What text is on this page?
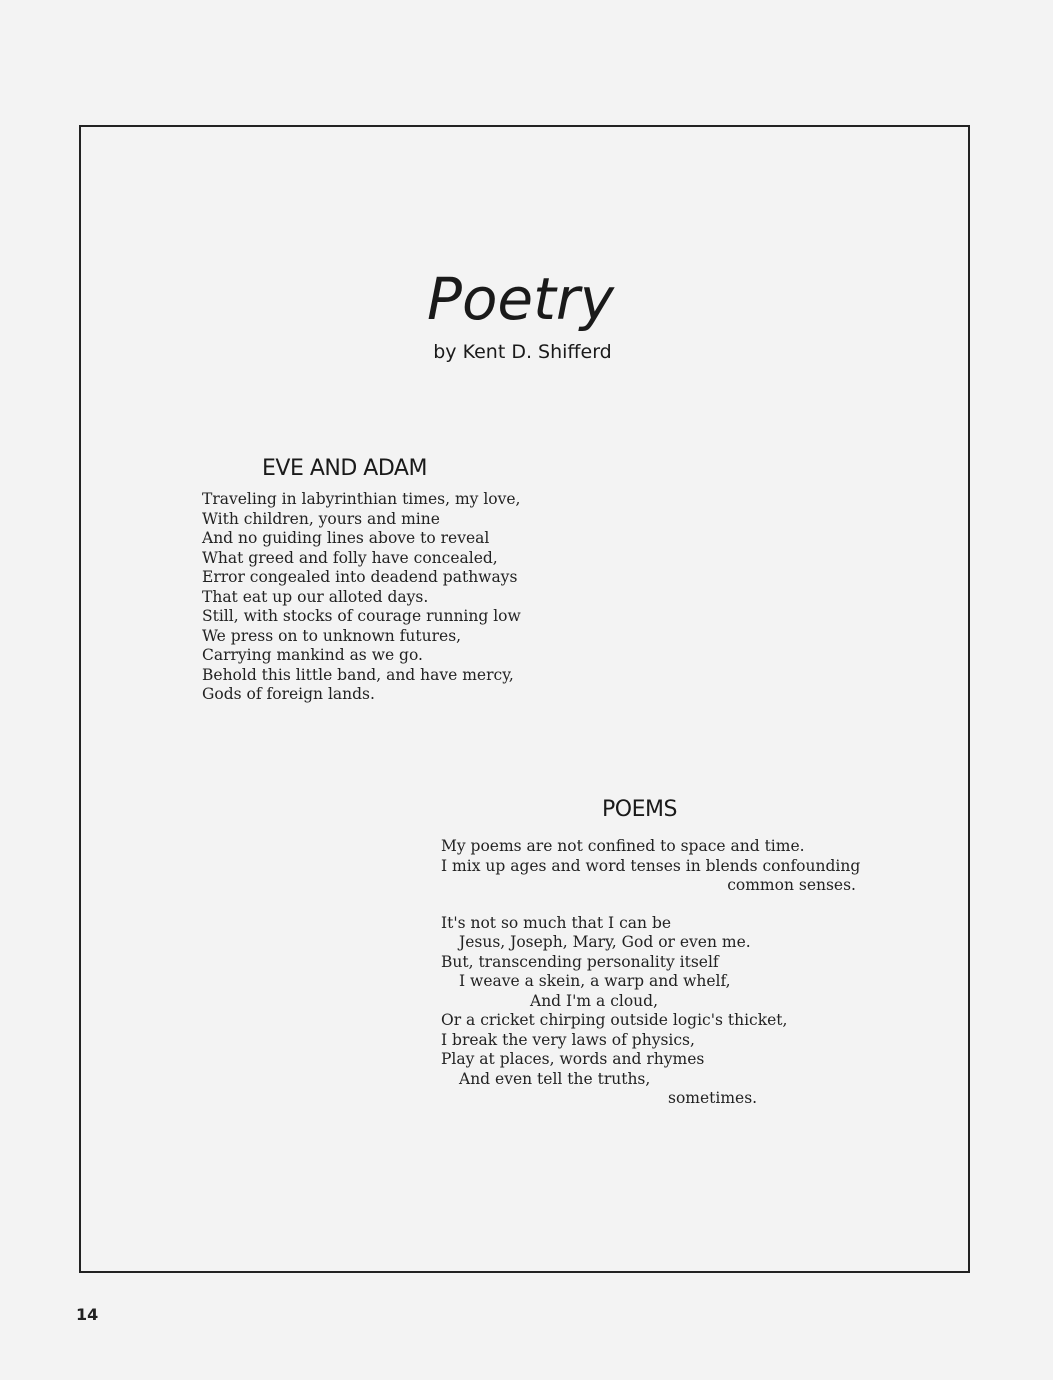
Poetry
by Kent D. Shifferd
EVE AND ADAM
Traveling in labyrinthian times, my love,
With children, yours and mine
And no guiding lines above to reveal
What greed and folly have concealed,
Error congealed into deadend pathways
That eat up our alloted days.
Still, with stocks of courage running low
We press on to unknown futures,
Carrying mankind as we go.
Behold this little band, and have mercy,
Gods of foreign lands.
POEMS
My poems are not confined to space and time.
I mix up ages and word tenses in blends confounding
common senses.
It's not so much that I can be
Jesus, Joseph, Mary, God or even me.
But, transcending personality itself
I weave a skein, a warp and whelf,
And I'm a cloud,
Or a cricket chirping outside logic's thicket,
I break the very laws of physics,
Play at places, words and rhymes
And even tell the truths,
sometimes.
14
